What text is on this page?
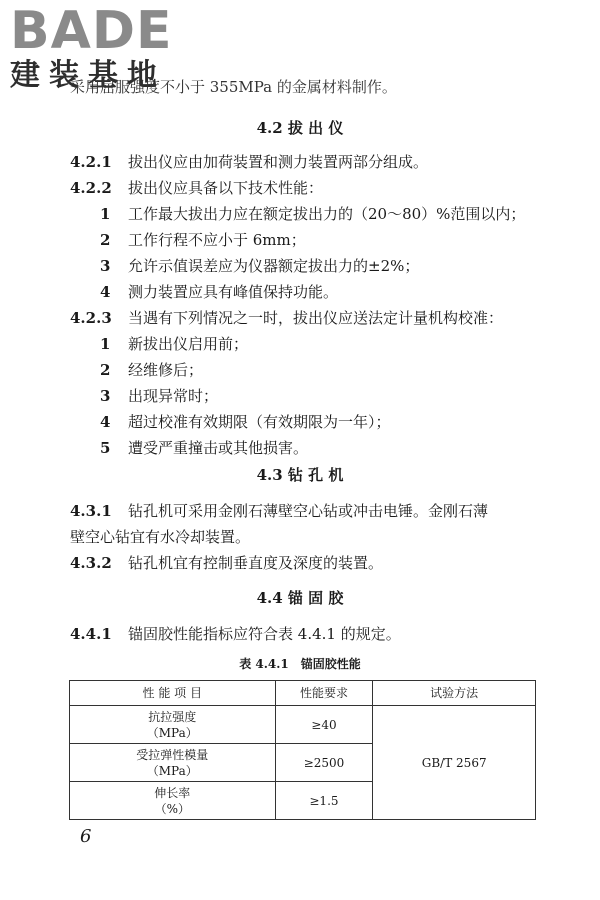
BADE
建装基地
采用屈服强度不小于 355MPa 的金属材料制作。
4.2 拔 出 仪
4.2.1 拔出仪应由加荷装置和测力装置两部分组成。
4.2.2 拔出仪应具备以下技术性能：
1 工作最大拔出力应在额定拔出力的（20～80）%范围以内；
2 工作行程不应小于 6mm；
3 允许示值误差应为仪器额定拔出力的±2%；
4 测力装置应具有峰值保持功能。
4.2.3 当遇有下列情况之一时，拔出仪应送法定计量机构校准：
1 新拔出仪启用前；
2 经维修后；
3 出现异常时；
4 超过校准有效期限（有效期限为一年）；
5 遭受严重撞击或其他损害。
4.3 钻 孔 机
4.3.1 钻孔机可采用金刚石薄壁空心钻或冲击电锤。金刚石薄
壁空心钻宜有水冷却装置。
4.3.2 钻孔机宜有控制垂直度及深度的装置。
4.4 锚 固 胶
4.4.1 锚固胶性能指标应符合表 4.4.1 的规定。
表 4.4.1　锚固胶性能
性 能 项 目	性能要求	试验方法

抗拉强度
（MPa）	≥40	GB/T 2567

受拉弹性模量
（MPa）	≥2500	

伸长率
（%）	≥1.5	
6
